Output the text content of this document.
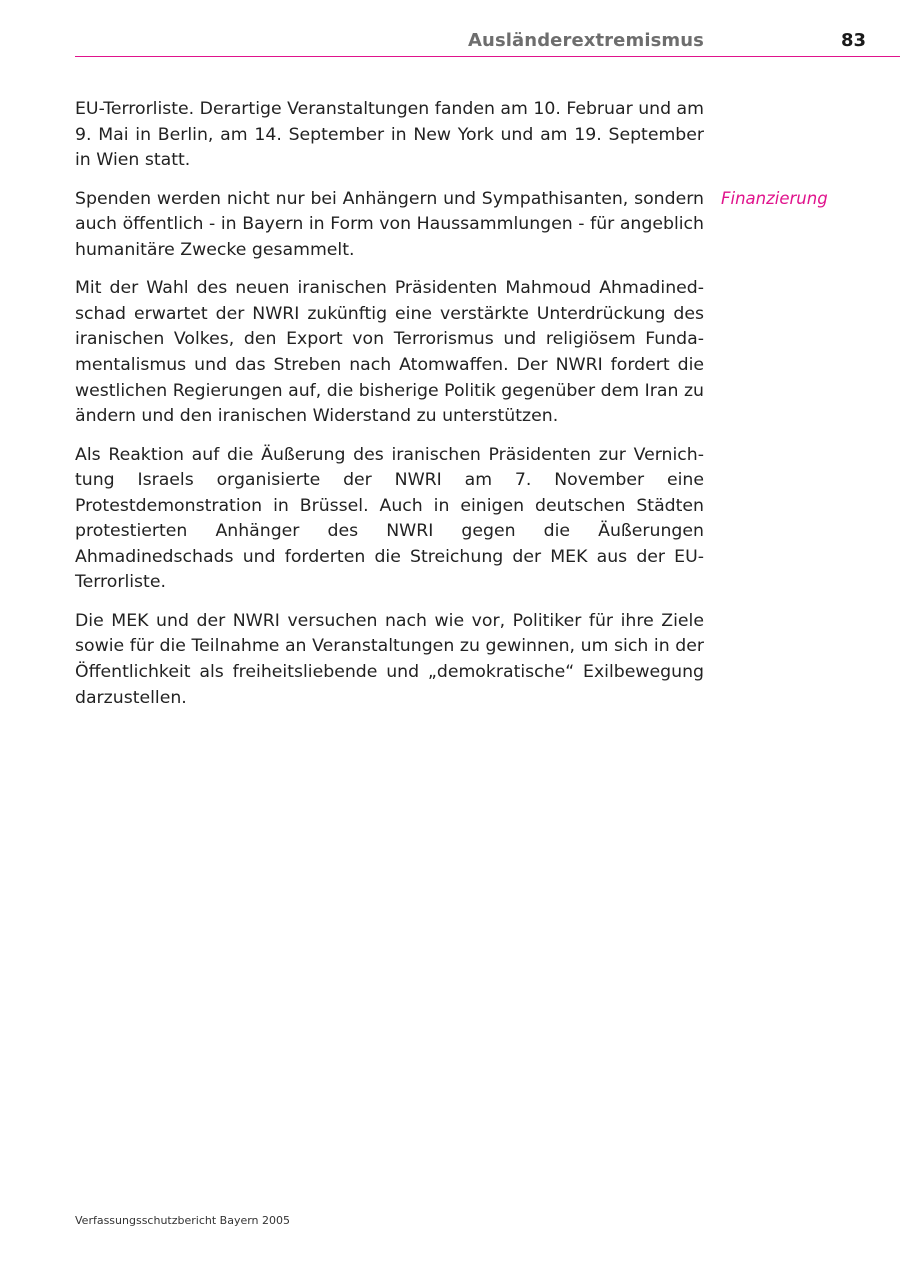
Ausländerextremismus	83

EU-Terrorliste. Derartige Veranstaltungen fanden am 10. Februar und am 9. Mai in Berlin, am 14. September in New York und am 19. September in Wien statt.

Spenden werden nicht nur bei Anhängern und Sympathisanten, sondern auch öffentlich - in Bayern in Form von Haussammlungen - für angeblich humanitäre Zwecke gesammelt.

Mit der Wahl des neuen iranischen Präsidenten Mahmoud Ahmadinedschad erwartet der NWRI zukünftig eine verstärkte Unterdrückung des iranischen Volkes, den Export von Terrorismus und religiösem Fundamentalismus und das Streben nach Atomwaffen. Der NWRI fordert die westlichen Regierungen auf, die bisherige Politik gegenüber dem Iran zu ändern und den iranischen Widerstand zu unterstützen.

Als Reaktion auf die Äußerung des iranischen Präsidenten zur Vernichtung Israels organisierte der NWRI am 7. November eine Protestdemonstration in Brüssel. Auch in einigen deutschen Städten protestierten Anhänger des NWRI gegen die Äußerungen Ahmadinedschads und forderten die Streichung der MEK aus der EU-Terrorliste.

Die MEK und der NWRI versuchen nach wie vor, Politiker für ihre Ziele sowie für die Teilnahme an Veranstaltungen zu gewinnen, um sich in der Öffentlichkeit als freiheitsliebende und „demokratische“ Exilbewegung darzustellen.

Finanzierung
Verfassungsschutzbericht Bayern 2005
